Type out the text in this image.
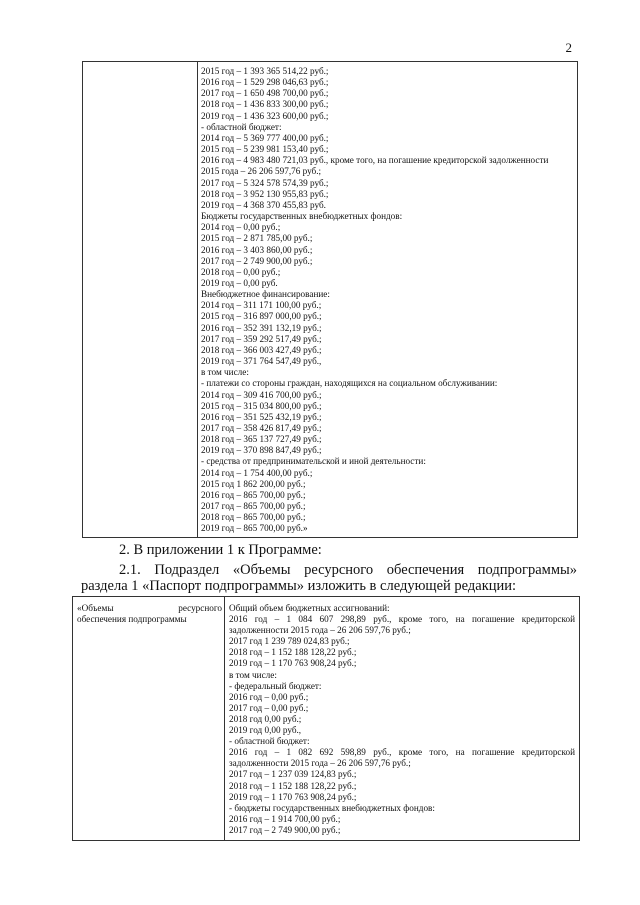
2

2015 год – 1 393 365 514,22 руб.;
2016 год – 1 529 298 046,63 руб.;
2017 год – 1 650 498 700,00 руб.;
2018 год – 1 436 833 300,00 руб.;
2019 год – 1 436 323 600,00 руб.;
- областной бюджет:
2014 год – 5 369 777 400,00 руб.;
2015 год – 5 239 981 153,40 руб.;
2016 год – 4 983 480 721,03 руб., кроме того, на погашение кредиторской задолженности
2015 года – 26 206 597,76 руб.;
2017 год – 5 324 578 574,39 руб.;
2018 год – 3 952 130 955,83 руб.;
2019 год – 4 368 370 455,83 руб.
Бюджеты государственных внебюджетных фондов:
2014 год – 0,00 руб.;
2015 год – 2 871 785,00 руб.;
2016 год – 3 403 860,00 руб.;
2017 год – 2 749 900,00 руб.;
2018 год – 0,00 руб.;
2019 год – 0,00 руб.
Внебюджетное финансирование:
2014 год – 311 171 100,00 руб.;
2015 год – 316 897 000,00 руб.;
2016 год – 352 391 132,19 руб.;
2017 год – 359 292 517,49 руб.;
2018 год – 366 003 427,49 руб.;
2019 год – 371 764 547,49 руб.,
в том числе:
- платежи со стороны граждан, находящихся на социальном обслуживании:
2014 год – 309 416 700,00 руб.;
2015 год – 315 034 800,00 руб.;
2016 год – 351 525 432,19 руб.;
2017 год – 358 426 817,49 руб.;
2018 год – 365 137 727,49 руб.;
2019 год – 370 898 847,49 руб.;
- средства от предпринимательской и иной деятельности:
2014 год – 1 754 400,00 руб.;
2015 год 1 862 200,00 руб.;
2016 год – 865 700,00 руб.;
2017 год – 865 700,00 руб.;
2018 год – 865 700,00 руб.;
2019 год – 865 700,00 руб.»
2. В приложении 1 к Программе:
2.1. Подраздел «Объемы ресурсного обеспечения подпрограммы»
раздела 1 «Паспорт подпрограммы» изложить в следующей редакции:
«Объемы ресурсного
обеспечения подпрограммы

Общий объем бюджетных ассигнований:
2016 год – 1 084 607 298,89 руб., кроме того, на погашение кредиторской
задолженности 2015 года – 26 206 597,76 руб.;
2017 год 1 239 789 024,83 руб.;
2018 год – 1 152 188 128,22 руб.;
2019 год – 1 170 763 908,24 руб.;
в том числе:
- федеральный бюджет:
2016 год – 0,00 руб.;
2017 год – 0,00 руб.;
2018 год 0,00 руб.;
2019 год 0,00 руб.,
- областной бюджет:
2016 год – 1 082 692 598,89 руб., кроме того, на погашение кредиторской
задолженности 2015 года – 26 206 597,76 руб.;
2017 год – 1 237 039 124,83 руб.;
2018 год – 1 152 188 128,22 руб.;
2019 год – 1 170 763 908,24 руб.;
- бюджеты государственных внебюджетных фондов:
2016 год – 1 914 700,00 руб.;
2017 год – 2 749 900,00 руб.;
